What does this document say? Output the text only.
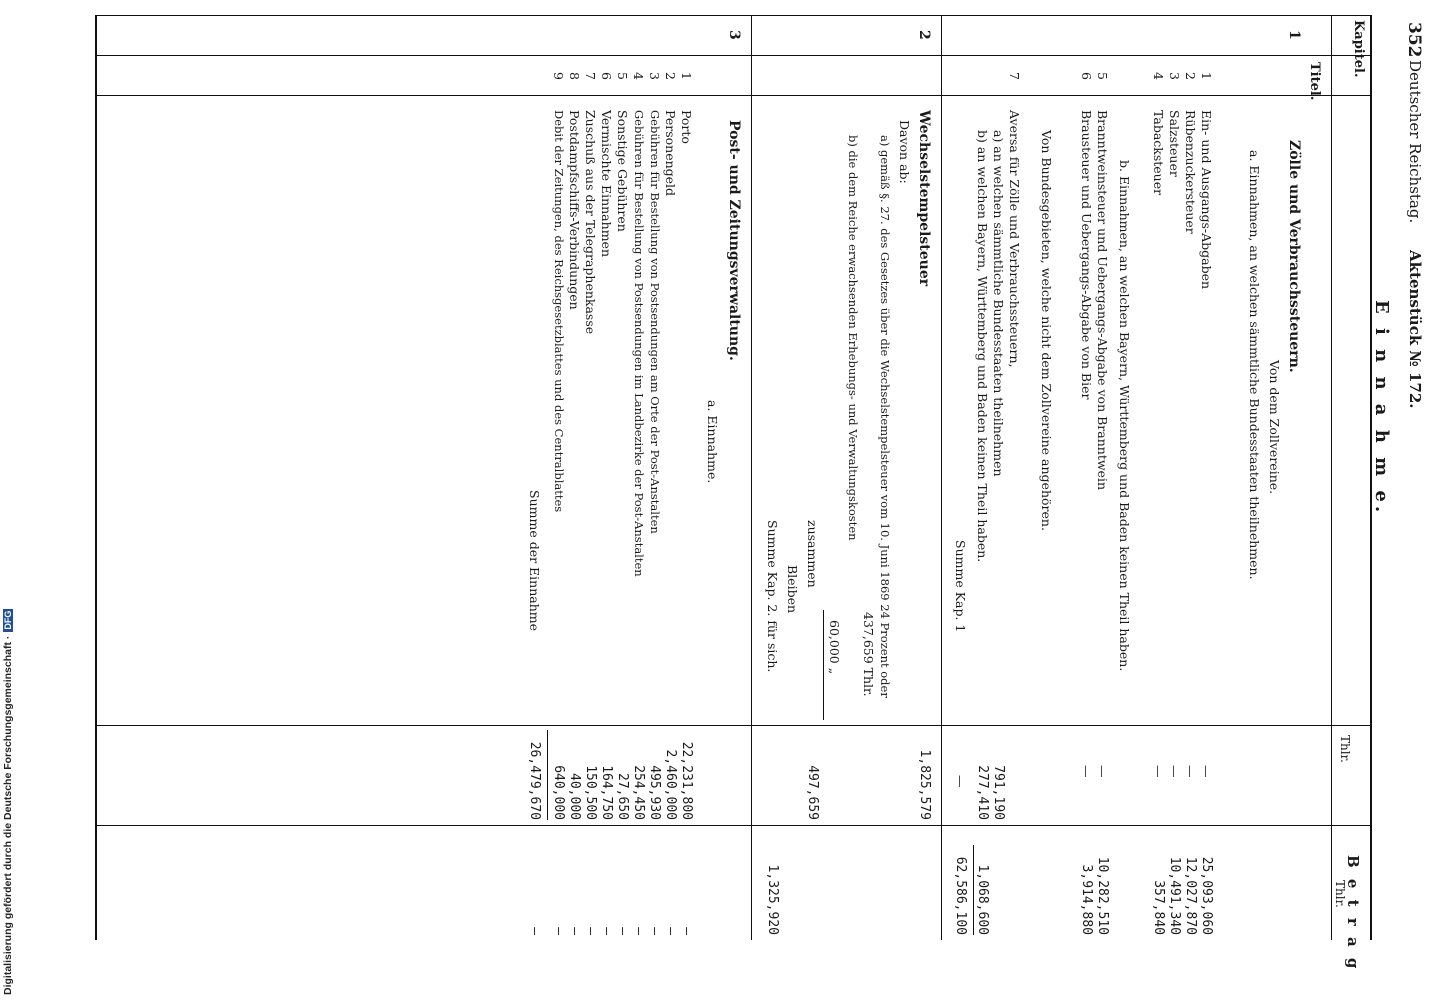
352
Deutscher Reichstag.
Aktenstück № 172.
Kapitel.
Titel.
E i n n a h m e.
B e t r a g
Thlr.
Thlr.
1
Zölle und Verbrauchssteuern.
Von dem Zollvereine.
a. Einnahmen, an welchen sämmtliche Bundesstaaten theilnehmen.
1
Ein- und Ausgangs-Abgaben
—
25,093,060
2
Rübenzuckersteuer
—
12,027,870
3
Salzsteuer
—
10,491,340
4
Tabacksteuer
—
357,840
b. Einnahmen, an welchen Bayern, Württemberg und Baden keinen Theil haben.
5
Branntweinsteuer und Uebergangs-Abgabe von Branntwein
—
10,282,510
6
Brausteuer und Uebergangs-Abgabe von Bier
—
3,914,880
Von Bundesgebieten, welche nicht dem Zollvereine angehören.
7
Aversa für Zölle und Verbrauchssteuern,
a) an welchen sämmtliche Bundesstaaten theilnehmen
791,190
b) an welchen Bayern, Württemberg und Baden keinen Theil haben.
277,410
1,068,600
Summe Kap. 1
—
62,586,100
2
Wechselstempelsteuer
1,825,579
Davon ab:
a) gemäß §. 27. des Gesetzes über die Wechselstempelsteuer vom 10. Juni 1869 24 Prozent oder
437,659 Thlr.
b) die dem Reiche erwachsenden Erhebungs- und Verwaltungskosten
60,000 „
zusammen
497,659
Bleiben
Summe Kap. 2. für sich.
1,325,920
3
Post- und Zeitungsverwaltung.
a. Einnahme.
1
Porto
22,231,800
—
2
Personengeld
2,460,000
—
3
Gebühren für Bestellung von Postsendungen am Orte der Post-Anstalten
495,930
—
4
Gebühren für Bestellung von Postsendungen im Landbezirke der Post-Anstalten
254,450
—
5
Sonstige Gebühren
27,650
—
6
Vermischte Einnahmen
164,750
—
7
Zuschuß aus der Telegraphenkasse
150,500
—
8
Postdampfschiffs-Verbindungen
40,000
—
9
Debit der Zeitungen, des Reichsgesetzblattes und des Centralblattes
640,000
—
Summe der Einnahme
26,479,670
—
Digitalisierung gefördert durch die Deutsche Forschungsgemeinschaft ·DFG
